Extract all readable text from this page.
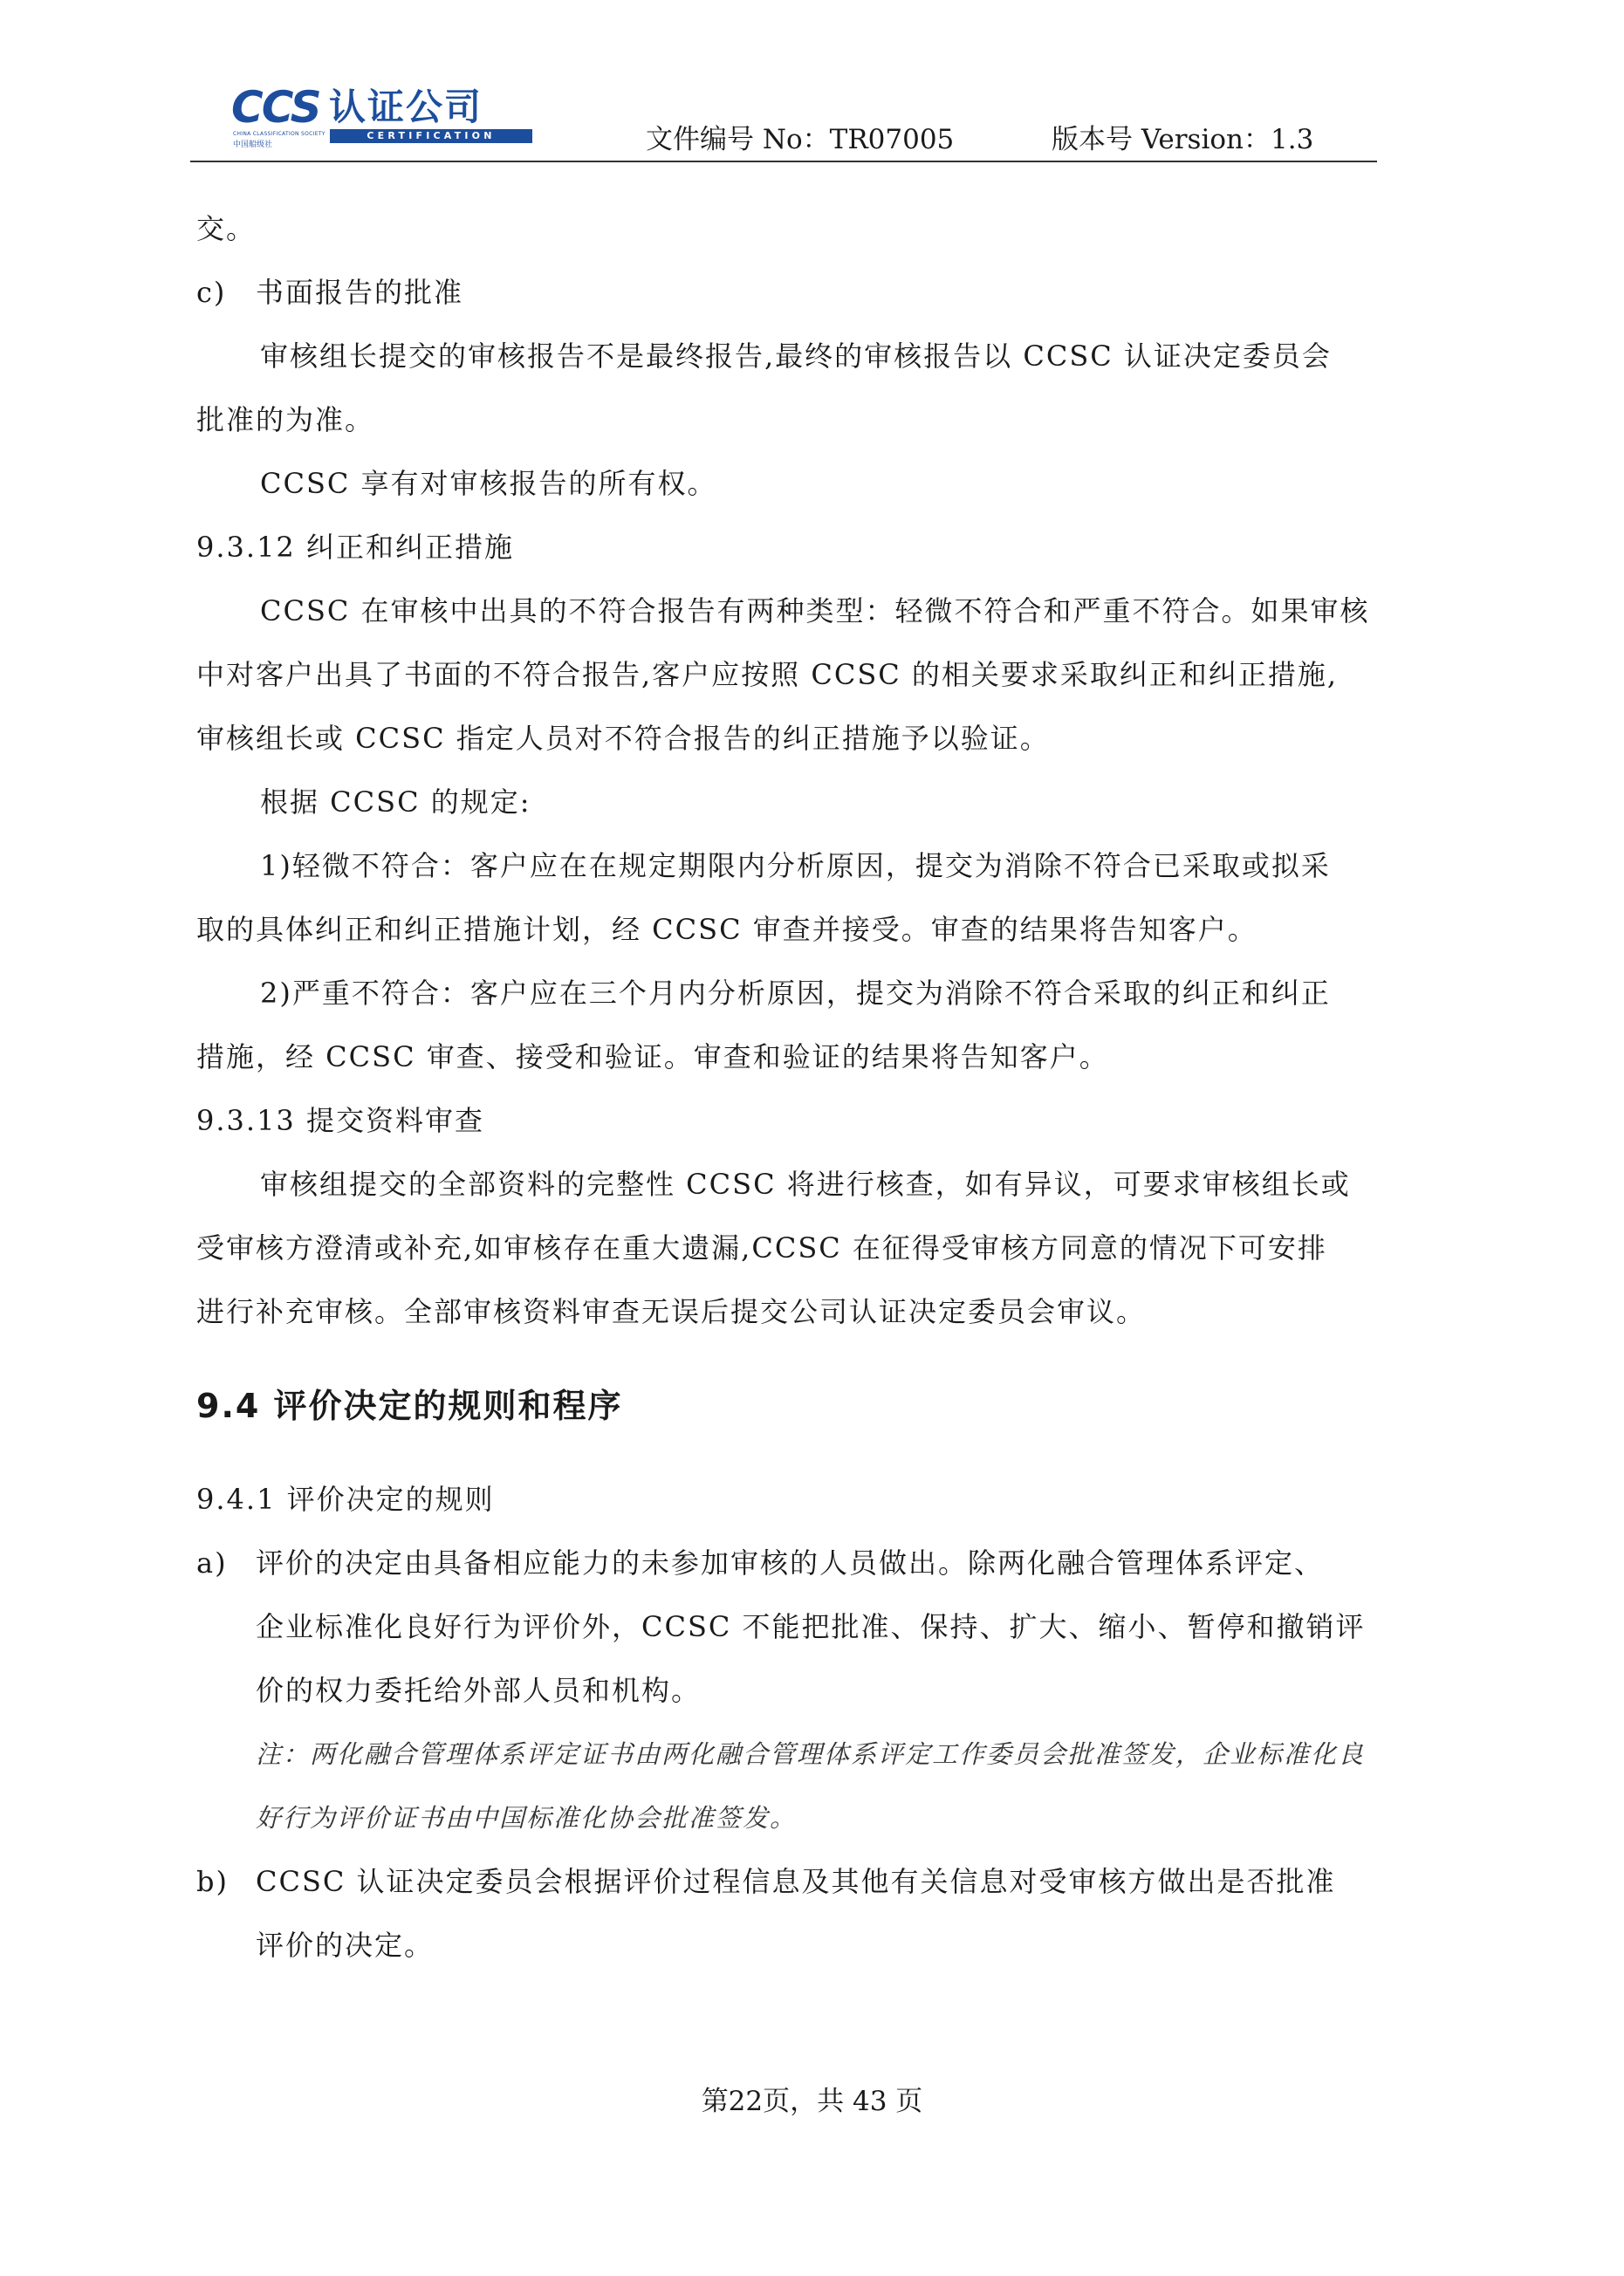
CCS
CHINA CLASSIFICATION SOCIETY
中国船级社
认证公司
CERTIFICATION	文件编号 No：TR07005	版本号 Version：1.3

交。

c) 书面报告的批准

审核组长提交的审核报告不是最终报告,最终的审核报告以 CCSC 认证决定委员会

批准的为准。

CCSC 享有对审核报告的所有权。

9.3.12 纠正和纠正措施

CCSC 在审核中出具的不符合报告有两种类型：轻微不符合和严重不符合。如果审核

中对客户出具了书面的不符合报告,客户应按照 CCSC 的相关要求采取纠正和纠正措施,

审核组长或 CCSC 指定人员对不符合报告的纠正措施予以验证。

根据 CCSC 的规定:

1)轻微不符合：客户应在在规定期限内分析原因，提交为消除不符合已采取或拟采

取的具体纠正和纠正措施计划，经 CCSC 审查并接受。审查的结果将告知客户。

2)严重不符合：客户应在三个月内分析原因，提交为消除不符合采取的纠正和纠正

措施，经 CCSC 审查、接受和验证。审查和验证的结果将告知客户。

9.3.13 提交资料审查

审核组提交的全部资料的完整性 CCSC 将进行核查，如有异议，可要求审核组长或

受审核方澄清或补充,如审核存在重大遗漏,CCSC 在征得受审核方同意的情况下可安排

进行补充审核。全部审核资料审查无误后提交公司认证决定委员会审议。

9.4 评价决定的规则和程序

9.4.1 评价决定的规则

a) 评价的决定由具备相应能力的未参加审核的人员做出。除两化融合管理体系评定、

企业标准化良好行为评价外，CCSC 不能把批准、保持、扩大、缩小、暂停和撤销评

价的权力委托给外部人员和机构。

注：两化融合管理体系评定证书由两化融合管理体系评定工作委员会批准签发，企业标准化良

好行为评价证书由中国标准化协会批准签发。

b) CCSC 认证决定委员会根据评价过程信息及其他有关信息对受审核方做出是否批准

评价的决定。

第22页，共 43 页
